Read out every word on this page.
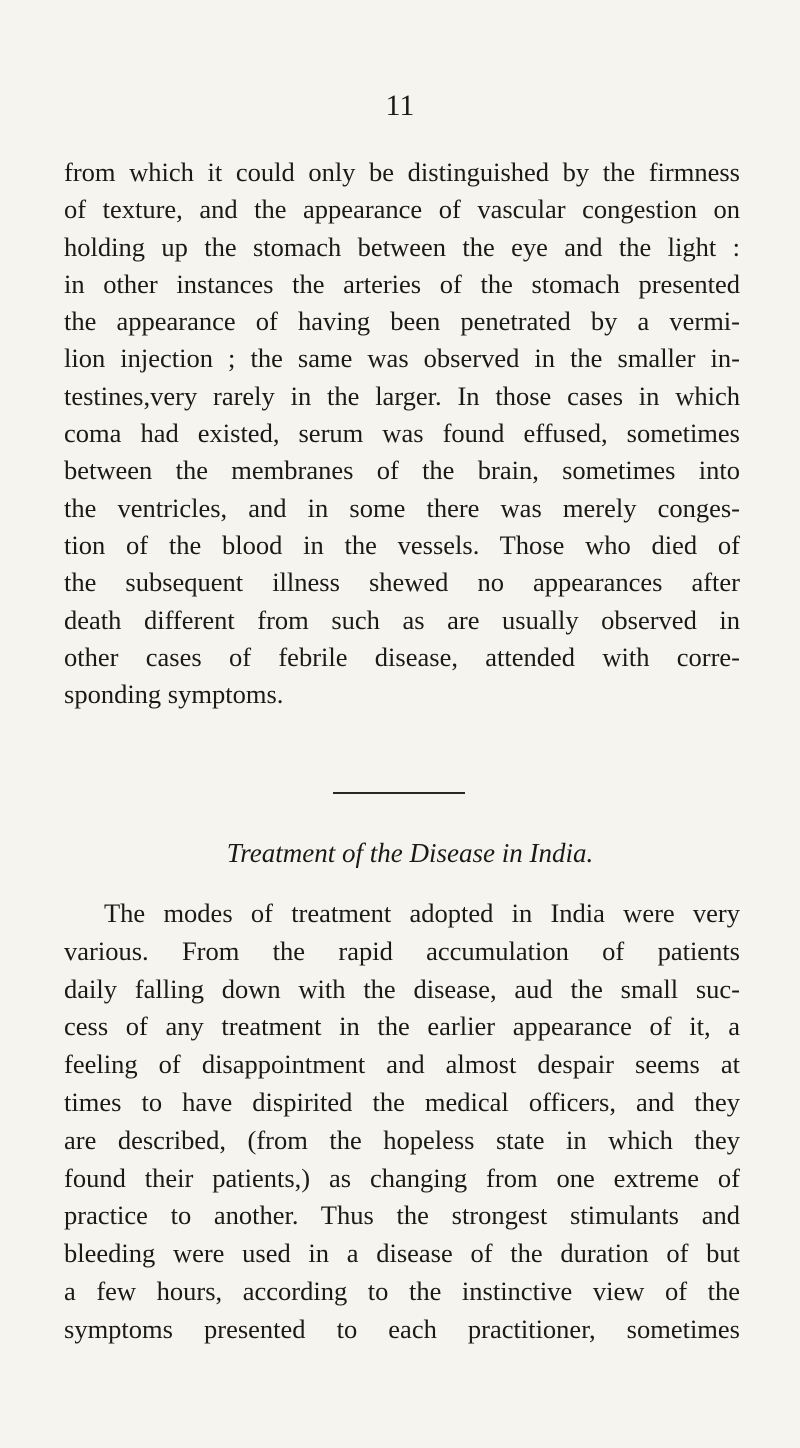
11
from which it could only be distinguished by the firmness
of texture, and the appearance of vascular congestion on
holding up the stomach between the eye and the light :
in other instances the arteries of the stomach presented
the appearance of having been penetrated by a vermi-
lion injection ; the same was observed in the smaller in-
testines,very rarely in the larger. In those cases in which
coma had existed, serum was found effused, sometimes
between the membranes of the brain, sometimes into
the ventricles, and in some there was merely conges-
tion of the blood in the vessels. Those who died of
the subsequent illness shewed no appearances after
death different from such as are usually observed in
other cases of febrile disease, attended with corre-
sponding symptoms.
Treatment of the Disease in India.
The modes of treatment adopted in India were very
various. From the rapid accumulation of patients
daily falling down with the disease, aud the small suc-
cess of any treatment in the earlier appearance of it, a
feeling of disappointment and almost despair seems at
times to have dispirited the medical officers, and they
are described, (from the hopeless state in which they
found their patients,) as changing from one extreme of
practice to another. Thus the strongest stimulants and
bleeding were used in a disease of the duration of but
a few hours, according to the instinctive view of the
symptoms presented to each practitioner, sometimes
